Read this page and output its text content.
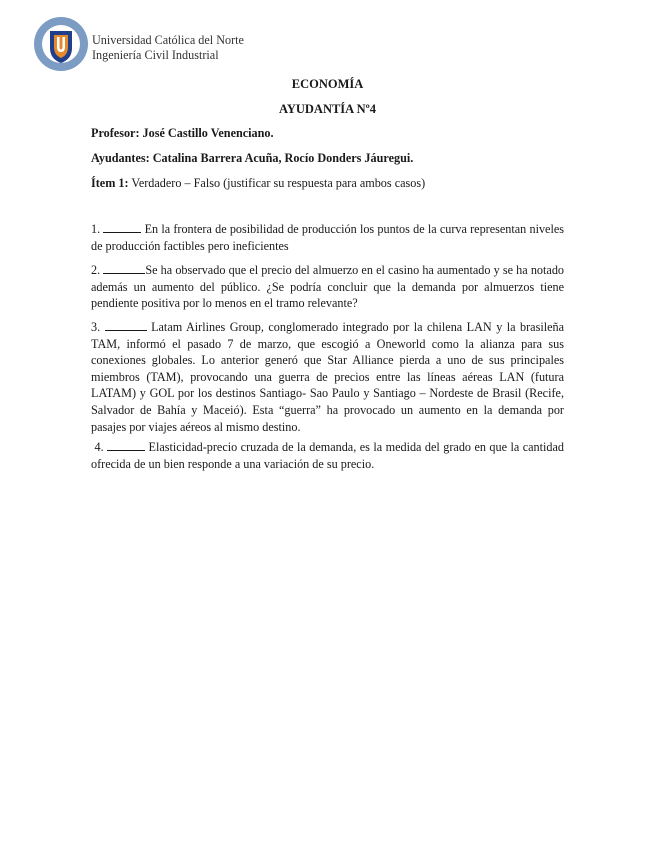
Universidad Católica del Norte
Ingeniería Civil Industrial
ECONOMÍA
AYUDANTÍA Nº4
Profesor: José Castillo Venenciano.
Ayudantes: Catalina Barrera Acuña, Rocío Donders Jáuregui.
Ítem 1: Verdadero – Falso (justificar su respuesta para ambos casos)
1.	En la frontera de posibilidad de producción los puntos de la curva representan niveles de producción factibles pero ineficientes
2.	Se ha observado que el precio del almuerzo en el casino ha aumentado y se ha notado además un aumento del público. ¿Se podría concluir que la demanda por almuerzos tiene pendiente positiva por lo menos en el tramo relevante?
3.	Latam Airlines Group, conglomerado integrado por la chilena LAN y la brasileña TAM, informó el pasado 7 de marzo, que escogió a Oneworld como la alianza para sus conexiones globales. Lo anterior generó que Star Alliance pierda a uno de sus principales miembros (TAM), provocando una guerra de precios entre las líneas aéreas LAN (futura LATAM) y GOL por los destinos Santiago- Sao Paulo y Santiago – Nordeste de Brasil (Recife, Salvador de Bahía y Maceió). Esta “guerra” ha provocado un aumento en la demanda por pasajes por viajes aéreos al mismo destino.
4.	Elasticidad-precio cruzada de la demanda, es la medida del grado en que la cantidad ofrecida de un bien responde a una variación de su precio.
